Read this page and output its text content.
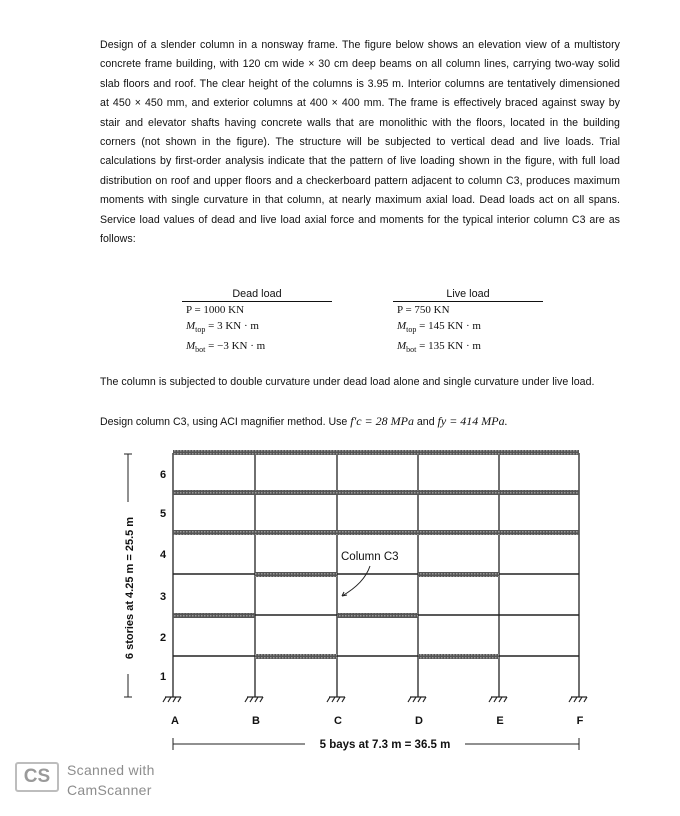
Design of a slender column in a nonsway frame. The figure below shows an elevation view of a multistory concrete frame building, with 120 cm wide × 30 cm deep beams on all column lines, carrying two-way solid slab floors and roof. The clear height of the columns is 3.95 m. Interior columns are tentatively dimensioned at 450 × 450 mm, and exterior columns at 400 × 400 mm. The frame is effectively braced against sway by stair and elevator shafts having concrete walls that are monolithic with the floors, located in the building corners (not shown in the figure). The structure will be subjected to vertical dead and live loads. Trial calculations by first-order analysis indicate that the pattern of live loading shown in the figure, with full load distribution on roof and upper floors and a checkerboard pattern adjacent to column C3, produces maximum moments with single curvature in that column, at nearly maximum axial load. Dead loads act on all spans. Service load values of dead and live load axial force and moments for the typical interior column C3 are as follows:
Dead load
P = 1000 KN
$M_{top} = 3$ KN · m
$M_{bot} = -3$ KN · m
Live load
P = 750 KN
$M_{top} = 145$ KN · m
$M_{bot} = 135$ KN · m
The column is subjected to double curvature under dead load alone and single curvature under live load.
Design column C3, using ACI magnifier method. Use f′c = 28 MPa and fy = 414 MPa.
6
5
4
3
2
1
A	B	C	D	E	F
Column C3
6 stories at 4.25 m = 25.5 m
5 bays at 7.3 m = 36.5 m
CS	Scanned with
CamScanner
